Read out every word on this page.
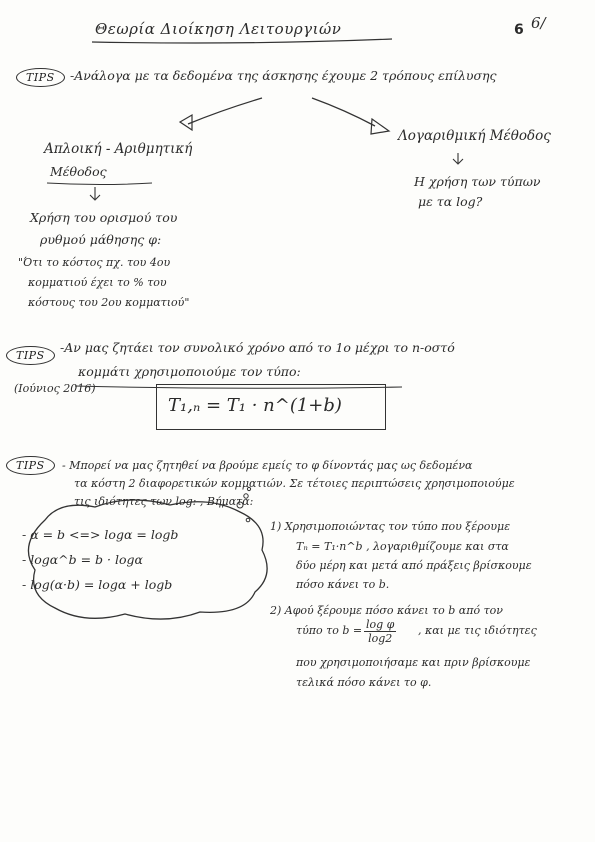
Θεωρία Διοίκηση Λειτουργιών	6 6/
TIPS	-Ανάλογα με τα δεδομένα της άσκησης έχουμε 2 τρόπους επίλυσης
Απλοική - Αριθμητική
Μέθοδος
Χρήση του ορισμού του
ρυθμού μάθησης φ:
"Ότι το κόστος πχ. του 4ου
κομματιού έχει το % του
κόστους του 2ου κομματιού"
Λογαριθμική Μέθοδος
Η χρήση των τύπων
με τα log?
TIPS
-Αν μας ζητάει τον συνολικό χρόνο από το 1ο μέχρι το n-οστό
κομμάτι χρησιμοποιούμε τον τύπο:
(Ιούνιος 2016)
T₁,ₙ = T₁ · n^(1+b)
TIPS	- Μπορεί να μας ζητηθεί να βρούμε εμείς το φ δίνοντάς μας ως δεδομένα
τα κόστη 2 διαφορετικών κομματιών. Σε τέτοιες περιπτώσεις χρησιμοποιούμε
τις ιδιότητες των log: , Βήματα:
- α = b <=> logα = logb
- logα^b = b · logα
- log(α·b) = logα + logb
1) Χρησιμοποιώντας τον τύπο που ξέρουμε
Tₙ = T₁·n^b , λογαριθμίζουμε και στα
δύο μέρη και μετά από πράξεις βρίσκουμε
πόσο κάνει το b.
2) Αφού ξέρουμε πόσο κάνει το b από τον
τύπο το $b = \frac{\text{log φ}}{\log 2}$ , και με τις ιδιότητες
που χρησιμοποιήσαμε και πριν βρίσκουμε
τελικά πόσο κάνει το φ.
